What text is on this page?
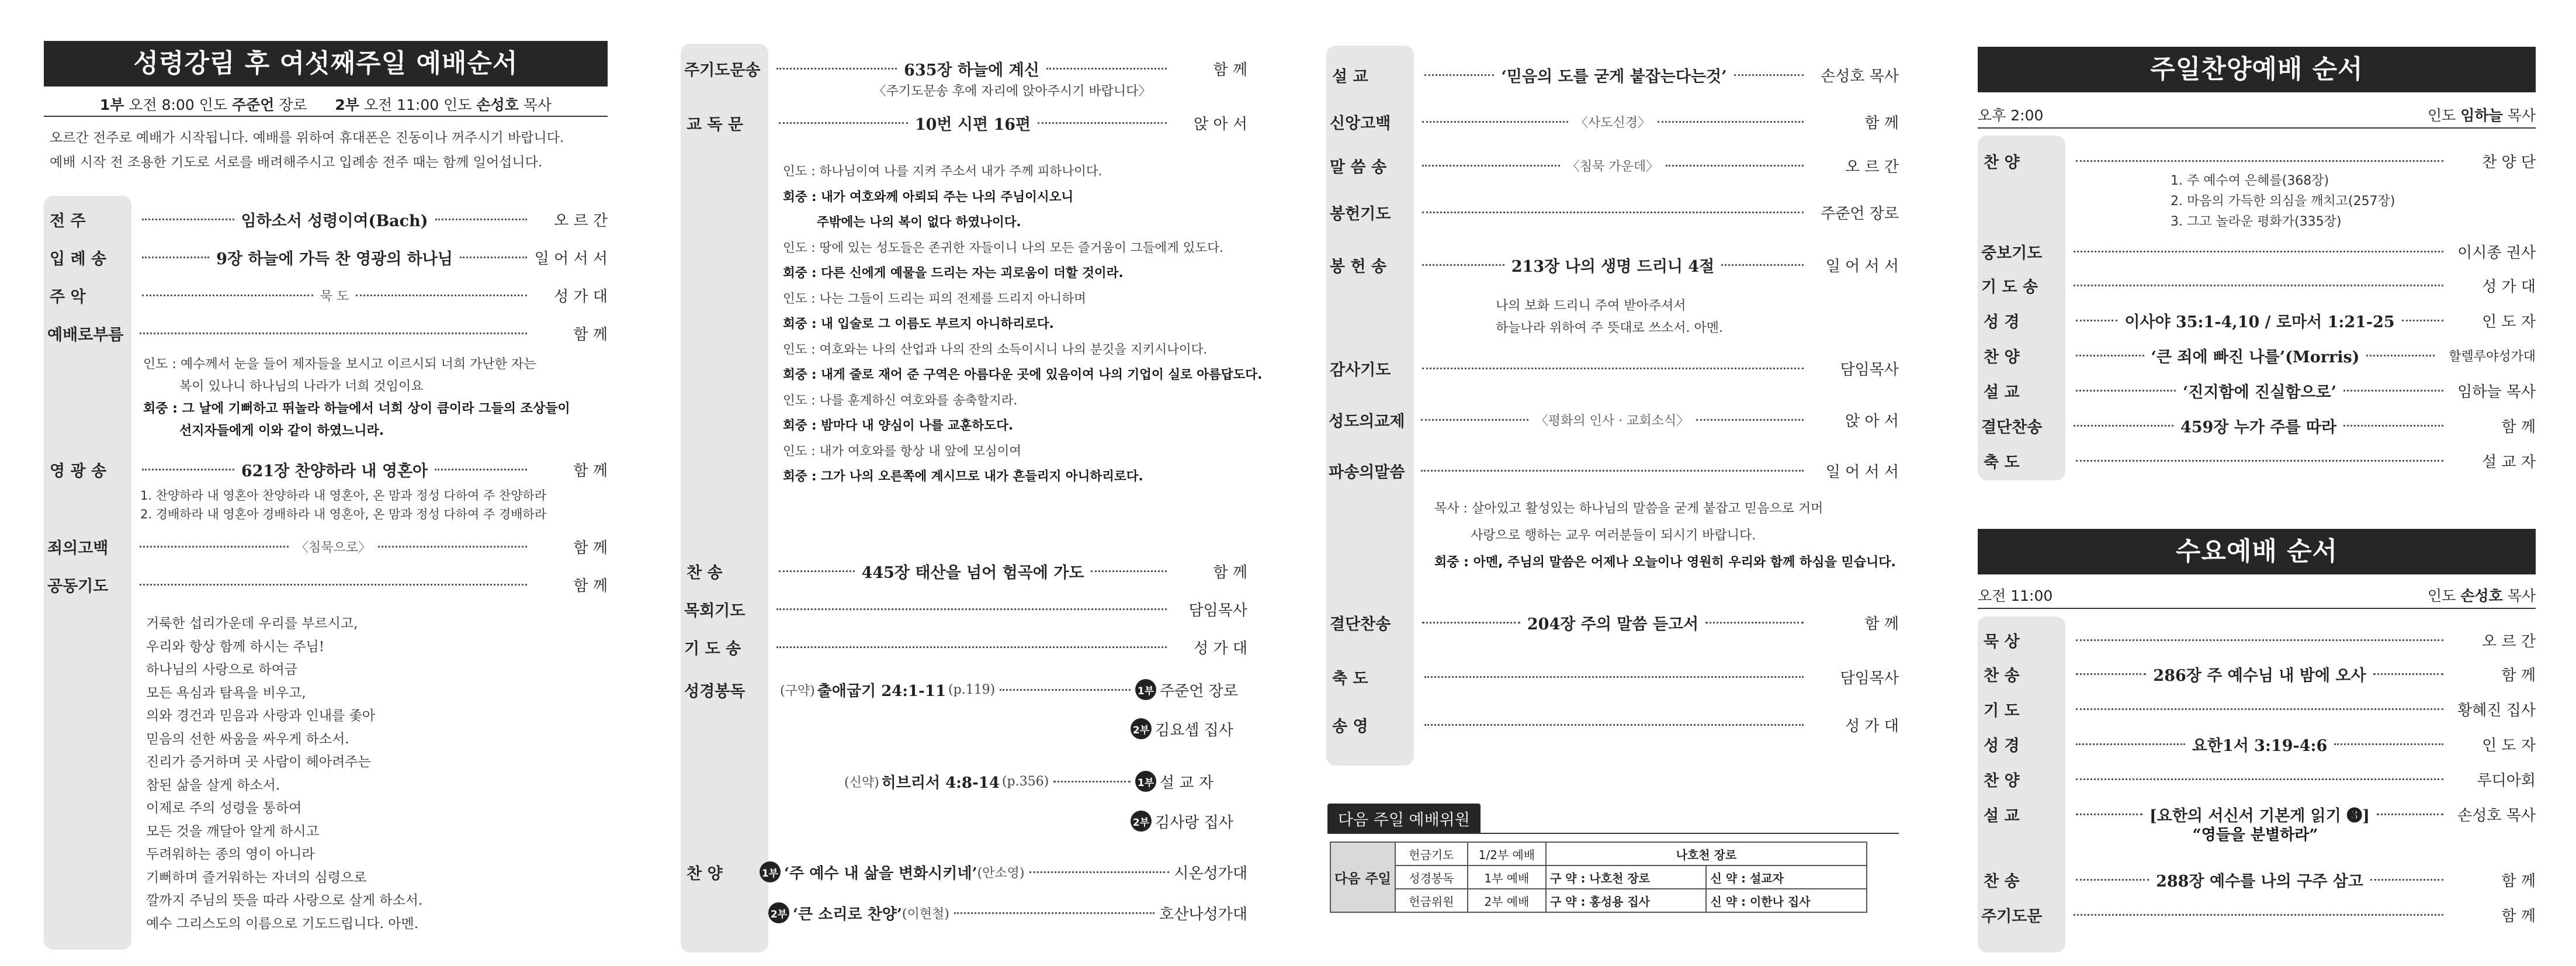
성령강림 후 여섯째주일 예배순서
1부 오전 8:00 인도 주준언 장로 2부 오전 11:00 인도 손성호 목사
오르간 전주로 예배가 시작됩니다. 예배를 위하여 휴대폰은 진동이나 꺼주시기 바랍니다.
예배 시작 전 조용한 기도로 서로를 배려해주시고 입례송 전주 때는 함께 일어섭니다.
전 주	임하소서 성령이여(Bach)	오 르 간
입 례 송	9장 하늘에 가득 찬 영광의 하나님	일 어 서 서
주 악	묵 도	성 가 대
예배로부름	함 께
인도 : 예수께서 눈을 들어 제자들을 보시고 이르시되 너희 가난한 자는
복이 있나니 하나님의 나라가 너희 것임이요
회중 : 그 날에 기뻐하고 뛰놀라 하늘에서 너희 상이 큼이라 그들의 조상들이
선지자들에게 이와 같이 하였느니라.
영 광 송	621장 찬양하라 내 영혼아	함 께
1. 찬양하라 내 영혼아 찬양하라 내 영혼아, 온 맘과 정성 다하여 주 찬양하라
2. 경배하라 내 영혼아 경배하라 내 영혼아, 온 맘과 정성 다하여 주 경배하라
죄의고백	〈침묵으로〉	함 께
공동기도	함 께
거룩한 섭리가운데 우리를 부르시고,
우리와 항상 함께 하시는 주님!
하나님의 사랑으로 하여금
모든 욕심과 탐욕을 비우고,
의와 경건과 믿음과 사랑과 인내를 좇아
믿음의 선한 싸움을 싸우게 하소서.
진리가 증거하며 곳 사람이 헤아려주는
참된 삶을 살게 하소서.
이제로 주의 성령을 통하여
모든 것을 깨달아 알게 하시고
두려워하는 종의 영이 아니라
기뻐하며 즐거워하는 자녀의 심령으로
깔까지 주님의 뜻을 따라 사랑으로 살게 하소서.
예수 그리스도의 이름으로 기도드립니다. 아멘.
주기도문송	635장 하늘에 계신	함 께
〈주기도문송 후에 자리에 앉아주시기 바랍니다〉
교 독 문	10번 시편 16편	앉 아 서
인도 : 하나님이여 나를 지켜 주소서 내가 주께 피하나이다.
회중 : 내가 여호와께 아뢰되 주는 나의 주님이시오니
주밖에는 나의 복이 없다 하였나이다.
인도 : 땅에 있는 성도들은 존귀한 자들이니 나의 모든 즐거움이 그들에게 있도다.
회중 : 다른 신에게 예물을 드리는 자는 괴로움이 더할 것이라.
인도 : 나는 그들이 드리는 피의 전제를 드리지 아니하며
회중 : 내 입술로 그 이름도 부르지 아니하리로다.
인도 : 여호와는 나의 산업과 나의 잔의 소득이시니 나의 분깃을 지키시나이다.
회중 : 내게 줄로 재어 준 구역은 아름다운 곳에 있음이여 나의 기업이 실로 아름답도다.
인도 : 나를 훈계하신 여호와를 송축할지라.
회중 : 밤마다 내 양심이 나를 교훈하도다.
인도 : 내가 여호와를 항상 내 앞에 모심이여
회중 : 그가 나의 오른쪽에 계시므로 내가 흔들리지 아니하리로다.
찬 송	445장 태산을 넘어 험곡에 가도	함 께
목회기도	담임목사
기 도 송	성 가 대
성경봉독	(구약) 출애굽기 24:1-11 (p.119)	1부 주준언 장로
2부 김요셉 집사
(신약) 히브리서 4:8-14 (p.356)	1부 설 교 자
2부 김사랑 집사
찬 양	1부 ‘주 예수 내 삶을 변화시키네’ (안소영)	시온성가대
2부 ‘큰 소리로 찬양’ (이현철)	호산나성가대
설 교	‘믿음의 도를 굳게 붙잡는다는것’	손성호 목사
신앙고백	〈사도신경〉	함 께
말 씀 송	〈침묵 가운데〉	오 르 간
봉헌기도	주준언 장로
봉 헌 송	213장 나의 생명 드리니 4절	일 어 서 서
나의 보화 드리니 주여 받아주셔서
하늘나라 위하여 주 뜻대로 쓰소서. 아멘.
감사기도	담임목사
성도의교제	〈평화의 인사 · 교회소식〉	앉 아 서
파송의말씀	일 어 서 서
목사 : 살아있고 활성있는 하나님의 말씀을 굳게 붙잡고 믿음으로 거머
사랑으로 행하는 교우 여러분들이 되시기 바랍니다.
회중 : 아멘, 주님의 말씀은 어제나 오늘이나 영원히 우리와 함께 하심을 믿습니다.
결단찬송	204장 주의 말씀 듣고서	함 께
축 도	담임목사
송 영	성 가 대
다음 주일 예배위원
다음 주일	헌금기도	1/2부 예배	나호천 장로	
	성경봉독	1부 예배	구 약 : 나호천 장로	신 약 : 설교자
	헌금위원	2부 예배	구 약 : 홍성용 집사	신 약 : 이한나 집사
주일찬양예배 순서
오후 2:00	인도 임하늘 목사
찬 양	찬 양 단
1. 주 예수여 은혜를(368장)
2. 마음의 가득한 의심을 깨치고(257장)
3. 그고 놀라운 평화가(335장)
중보기도	이시종 권사
기 도 송	성 가 대
성 경	이사야 35:1-4,10 / 로마서 1:21-25	인 도 자
찬 양	‘큰 죄에 빠진 나를’(Morris)	할렐루야성가대
설 교	‘진지함에 진실함으로’	임하늘 목사
결단찬송	459장 누가 주를 따라	함 께
축 도	설 교 자
수요예배 순서
오전 11:00	인도 손성호 목사
묵 상	오 르 간
찬 송	286장 주 예수님 내 밤에 오사	함 께
기 도	황혜진 집사
성 경	요한1서 3:19-4:6	인 도 자
찬 양	루디아회
설 교	[요한의 서신서 기본게 읽기 ❸]	손성호 목사
“영들을 분별하라”
찬 송	288장 예수를 나의 구주 삼고	함 께
주기도문	함 께
